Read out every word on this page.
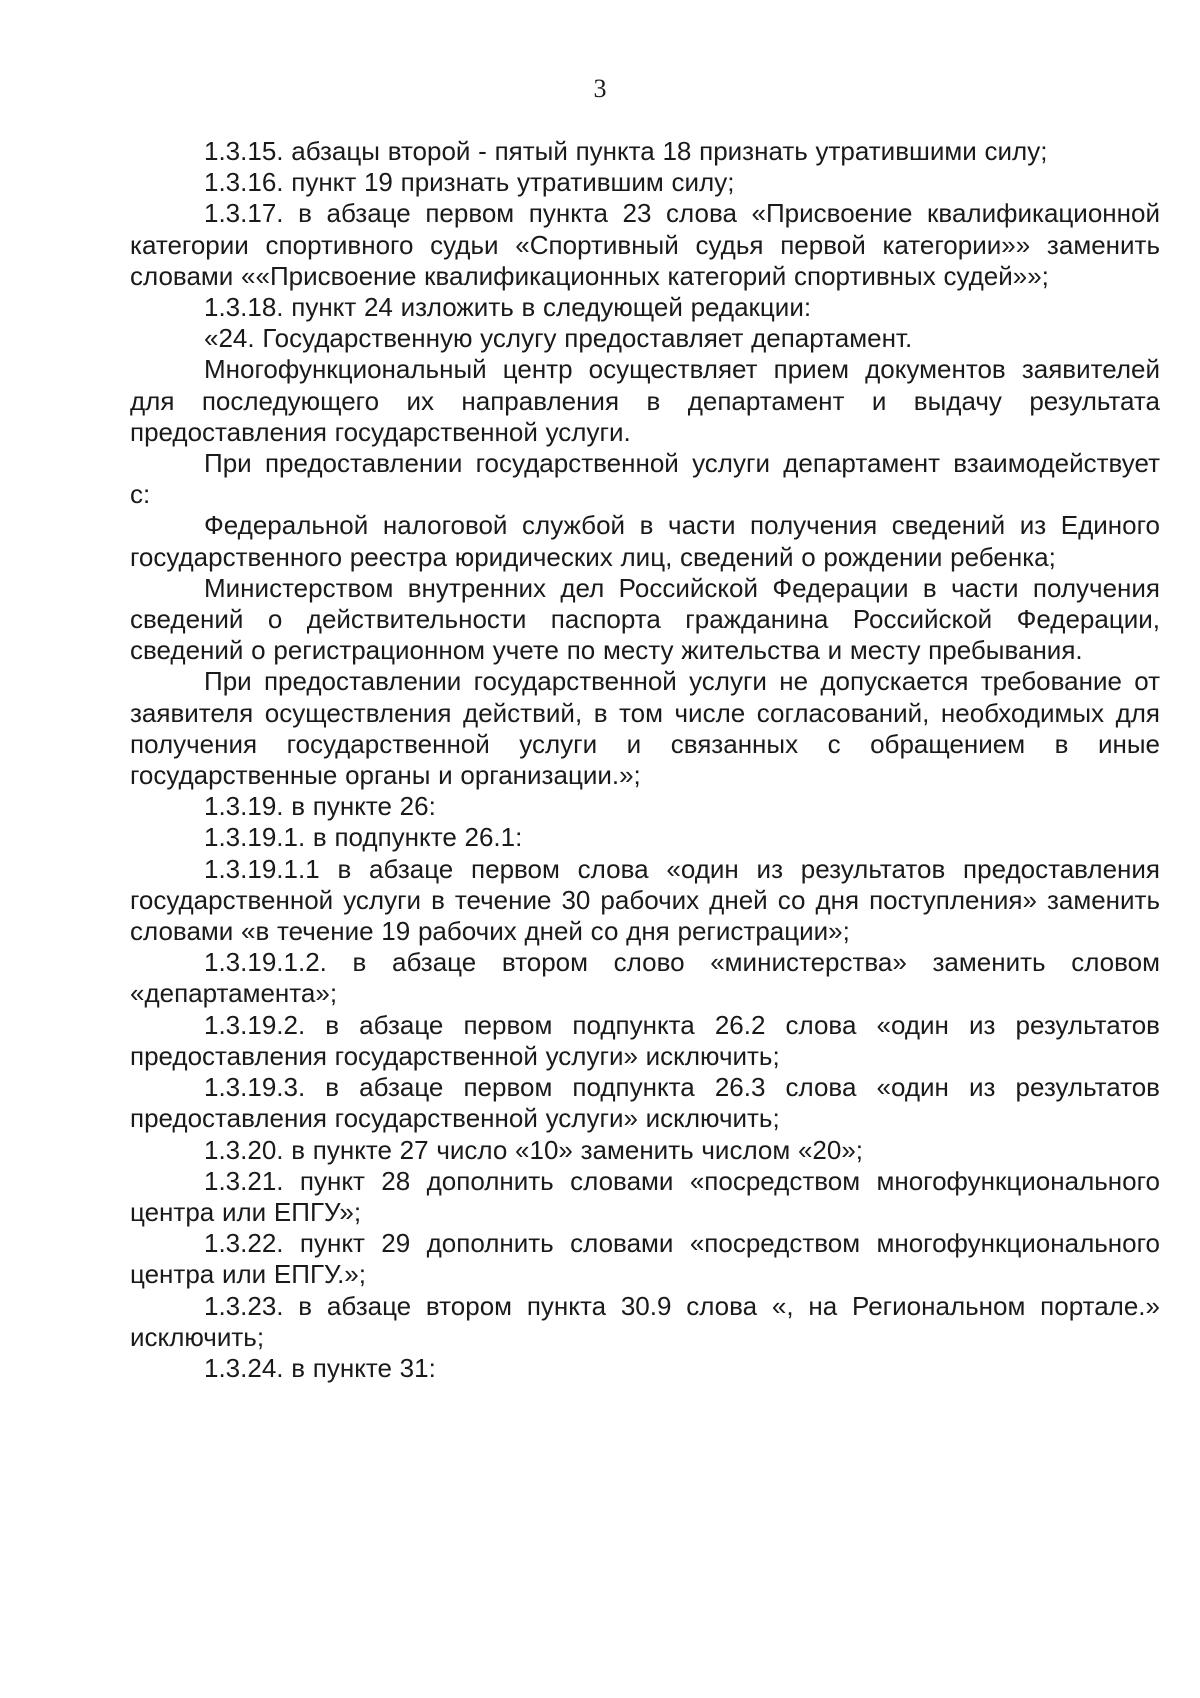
3

1.3.15. абзацы второй - пятый пункта 18 признать утратившими силу;

1.3.16. пункт 19 признать утратившим силу;

1.3.17. в абзаце первом пункта 23 слова «Присвоение квалификационной категории спортивного судьи «Спортивный судья первой категории»» заменить словами ««Присвоение квалификационных категорий спортивных судей»»;

1.3.18. пункт 24 изложить в следующей редакции:

«24. Государственную услугу предоставляет департамент.

Многофункциональный центр осуществляет прием документов заявителей для последующего их направления в департамент и выдачу результата предоставления государственной услуги.

При предоставлении государственной услуги департамент взаимодействует с:

Федеральной налоговой службой в части получения сведений из Единого государственного реестра юридических лиц, сведений о рождении ребенка;

Министерством внутренних дел Российской Федерации в части получения сведений о действительности паспорта гражданина Российской Федерации, сведений о регистрационном учете по месту жительства и месту пребывания.

При предоставлении государственной услуги не допускается требование от заявителя осуществления действий, в том числе согласований, необходимых для получения государственной услуги и связанных с обращением в иные государственные органы и организации.»;

1.3.19. в пункте 26:

1.3.19.1. в подпункте 26.1:

1.3.19.1.1 в абзаце первом слова «один из результатов предоставления государственной услуги в течение 30 рабочих дней со дня поступления» заменить словами «в течение 19 рабочих дней со дня регистрации»;

1.3.19.1.2. в абзаце втором слово «министерства» заменить словом «департамента»;

1.3.19.2. в абзаце первом подпункта 26.2 слова «один из результатов предоставления государственной услуги» исключить;

1.3.19.3. в абзаце первом подпункта 26.3 слова «один из результатов предоставления государственной услуги» исключить;

1.3.20. в пункте 27 число «10» заменить числом «20»;

1.3.21. пункт 28 дополнить словами «посредством многофункционального центра или ЕПГУ»;

1.3.22. пункт 29 дополнить словами «посредством многофункционального центра или ЕПГУ.»;

1.3.23. в абзаце втором пункта 30.9 слова «, на Региональном портале.» исключить;

1.3.24. в пункте 31:
